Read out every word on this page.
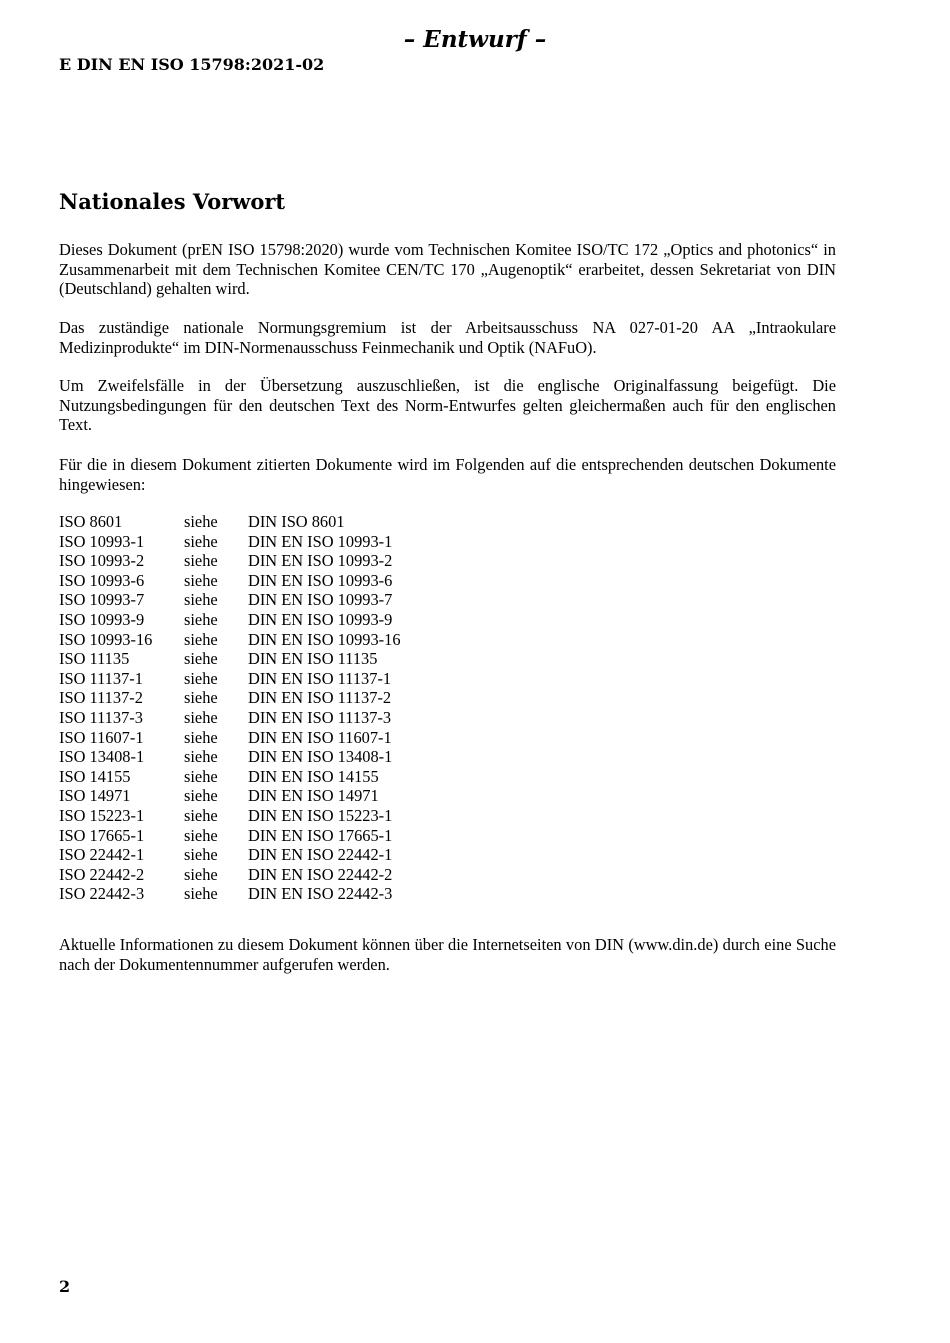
– Entwurf –
E DIN EN ISO 15798:2021-02
Nationales Vorwort

Dieses Dokument (prEN ISO 15798:2020) wurde vom Technischen Komitee ISO/TC 172 „Optics and photonics“ in Zusammenarbeit mit dem Technischen Komitee CEN/TC 170 „Augenoptik“ erarbeitet, dessen Sekretariat von DIN (Deutschland) gehalten wird.

Das zuständige nationale Normungsgremium ist der Arbeitsausschuss NA 027-01-20 AA „Intraokulare Medizinprodukte“ im DIN-Normenausschuss Feinmechanik und Optik (NAFuO).

Um Zweifelsfälle in der Übersetzung auszuschließen, ist die englische Originalfassung beigefügt. Die Nutzungsbedingungen für den deutschen Text des Norm-Entwurfes gelten gleichermaßen auch für den englischen Text.

Für die in diesem Dokument zitierten Dokumente wird im Folgenden auf die entsprechenden deutschen Dokumente hingewiesen:

ISO 8601	siehe	DIN ISO 8601
ISO 10993-1	siehe	DIN EN ISO 10993-1
ISO 10993-2	siehe	DIN EN ISO 10993-2
ISO 10993-6	siehe	DIN EN ISO 10993-6
ISO 10993-7	siehe	DIN EN ISO 10993-7
ISO 10993-9	siehe	DIN EN ISO 10993-9
ISO 10993-16	siehe	DIN EN ISO 10993-16
ISO 11135	siehe	DIN EN ISO 11135
ISO 11137-1	siehe	DIN EN ISO 11137-1
ISO 11137-2	siehe	DIN EN ISO 11137-2
ISO 11137-3	siehe	DIN EN ISO 11137-3
ISO 11607-1	siehe	DIN EN ISO 11607-1
ISO 13408-1	siehe	DIN EN ISO 13408-1
ISO 14155	siehe	DIN EN ISO 14155
ISO 14971	siehe	DIN EN ISO 14971
ISO 15223-1	siehe	DIN EN ISO 15223-1
ISO 17665-1	siehe	DIN EN ISO 17665-1
ISO 22442-1	siehe	DIN EN ISO 22442-1
ISO 22442-2	siehe	DIN EN ISO 22442-2
ISO 22442-3	siehe	DIN EN ISO 22442-3

Aktuelle Informationen zu diesem Dokument können über die Internetseiten von DIN (www.din.de) durch eine Suche nach der Dokumentennummer aufgerufen werden.

2
